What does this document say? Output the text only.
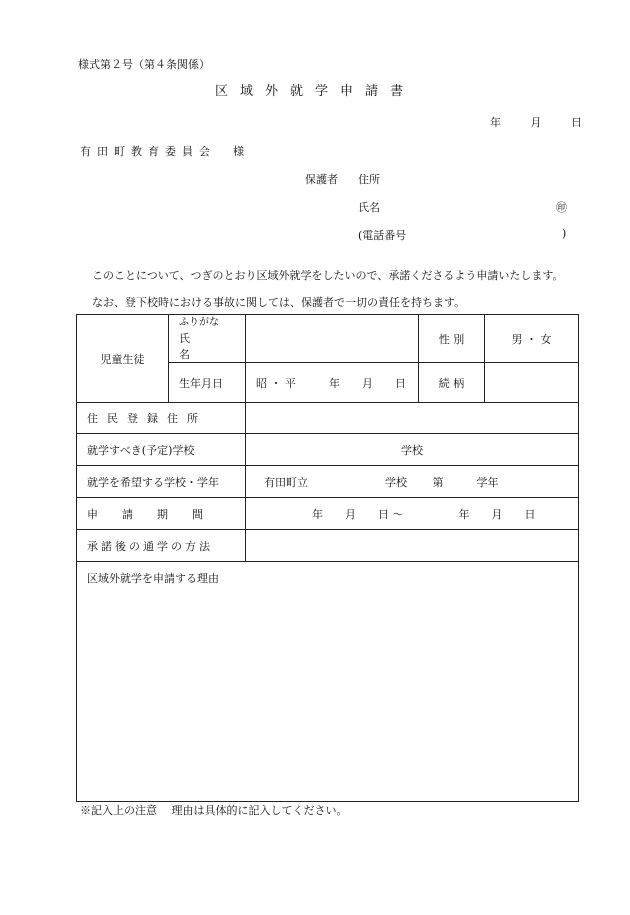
様式第２号（第４条関係）
区域外就学申請書
年	月	日
有田町教育委員会　様
保護者 住所
氏名	㊞
(電話番号	)
このことについて、つぎのとおり区域外就学をしたいので、承諾くださるよう申請いたします。
なお、登下校時における事故に関しては、保護者で一切の責任を持ちます。
児童生徒	ふりがな
氏　名		性 別	男 ・ 女
	生年月日	昭 ・ 平　　　年　　月　　日	続 柄	
住民登録住所				
就学すべき(予定)学校		学校		
就学を希望する学校・学年		有田町立　　　　　　　学校　　 第　　　学年		
申請期間		年　　月　　日 〜　　　　　年　　月　　日		
承諾後の通学の方法				
区域外就学を申請する理由				
※記入上の注意　 理由は具体的に記入してください。
